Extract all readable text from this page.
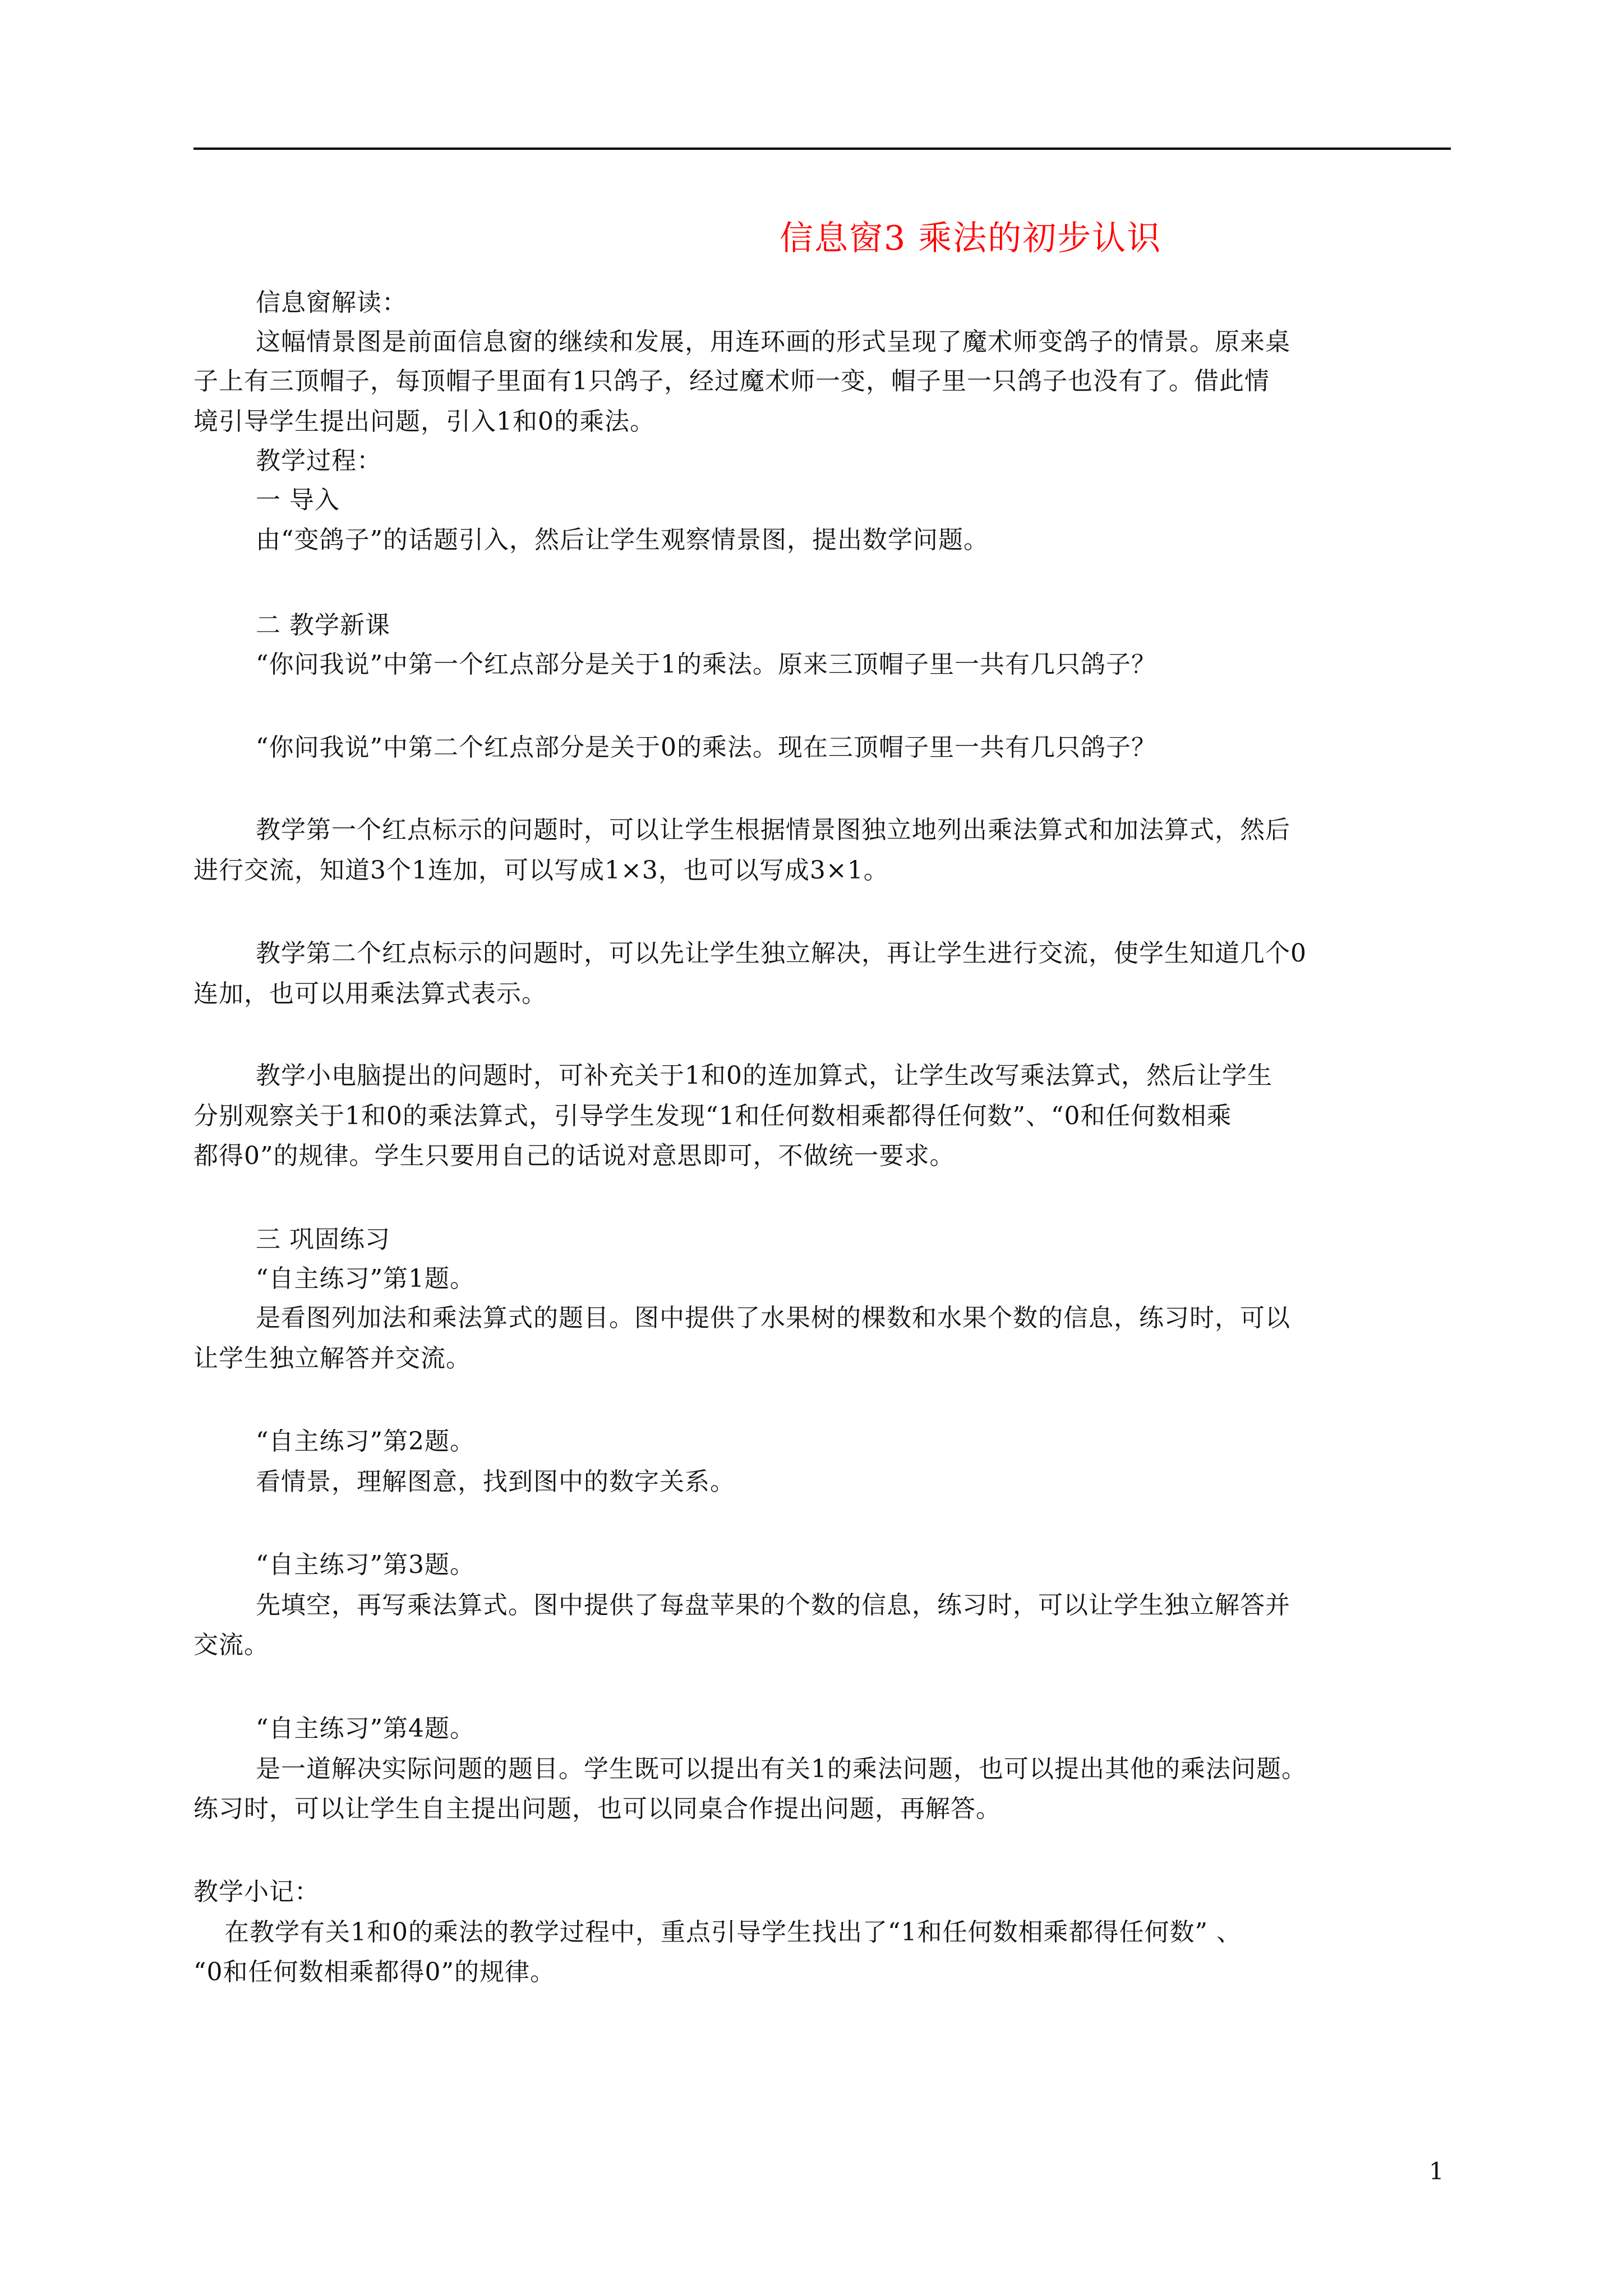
信息窗3 乘法的初步认识
信息窗解读：
这幅情景图是前面信息窗的继续和发展，用连环画的形式呈现了魔术师变鸽子的情景。原来桌
子上有三顶帽子，每顶帽子里面有1只鸽子，经过魔术师一变，帽子里一只鸽子也没有了。借此情
境引导学生提出问题，引入1和0的乘法。
教学过程：
一 导入
由“变鸽子”的话题引入，然后让学生观察情景图，提出数学问题。
二 教学新课
“你问我说”中第一个红点部分是关于1的乘法。原来三顶帽子里一共有几只鸽子？
“你问我说”中第二个红点部分是关于0的乘法。现在三顶帽子里一共有几只鸽子？
教学第一个红点标示的问题时，可以让学生根据情景图独立地列出乘法算式和加法算式，然后
进行交流，知道3个1连加，可以写成1×3，也可以写成3×1。
教学第二个红点标示的问题时，可以先让学生独立解决，再让学生进行交流，使学生知道几个0
连加，也可以用乘法算式表示。
教学小电脑提出的问题时，可补充关于1和0的连加算式，让学生改写乘法算式，然后让学生
分别观察关于1和0的乘法算式，引导学生发现“1和任何数相乘都得任何数”、“0和任何数相乘
都得0”的规律。学生只要用自己的话说对意思即可，不做统一要求。
三 巩固练习
“自主练习”第1题。
是看图列加法和乘法算式的题目。图中提供了水果树的棵数和水果个数的信息，练习时，可以
让学生独立解答并交流。
“自主练习”第2题。
看情景，理解图意，找到图中的数字关系。
“自主练习”第3题。
先填空，再写乘法算式。图中提供了每盘苹果的个数的信息，练习时，可以让学生独立解答并
交流。
“自主练习”第4题。
是一道解决实际问题的题目。学生既可以提出有关1的乘法问题，也可以提出其他的乘法问题。
练习时，可以让学生自主提出问题，也可以同桌合作提出问题，再解答。
教学小记：
在教学有关1和0的乘法的教学过程中，重点引导学生找出了“1和任何数相乘都得任何数” 、
“0和任何数相乘都得0”的规律。
1
